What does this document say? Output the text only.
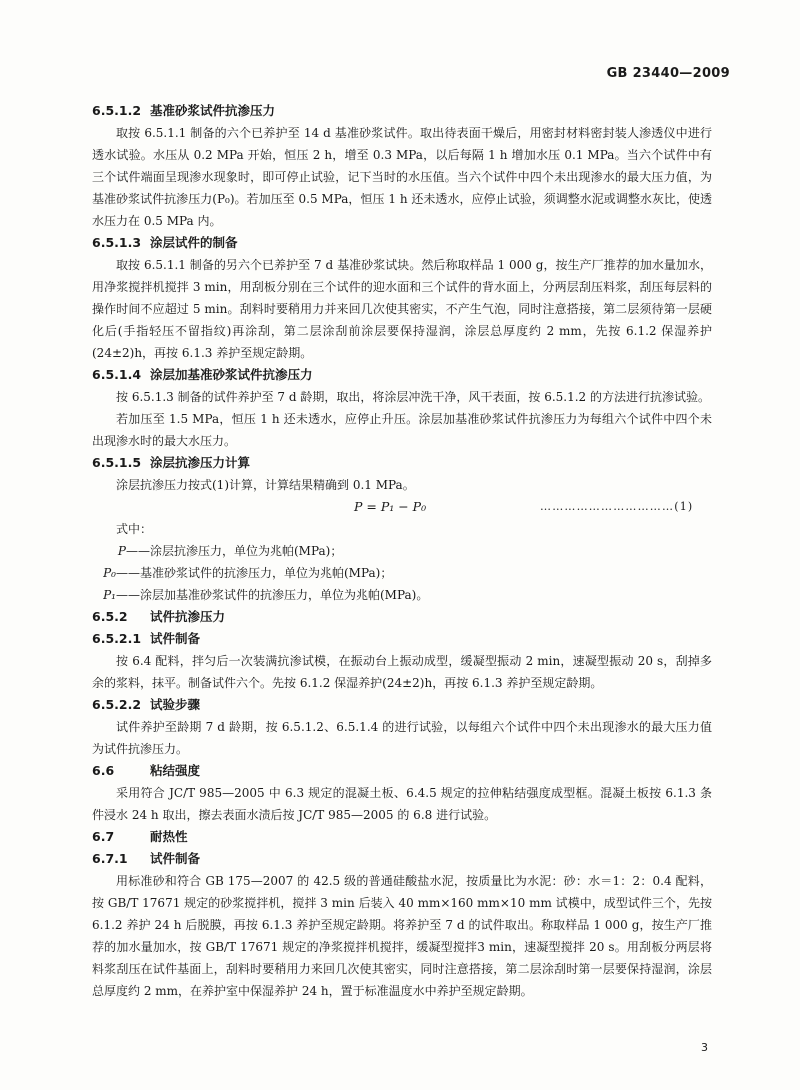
GB 23440—2009

6.5.1.2 基准砂浆试件抗渗压力

取按 6.5.1.1 制备的六个已养护至 14 d 基准砂浆试件。取出待表面干燥后，用密封材料密封装人渗透仪中进行透水试验。水压从 0.2 MPa 开始，恒压 2 h，增至 0.3 MPa，以后每隔 1 h 增加水压 0.1 MPa。当六个试件中有三个试件端面呈现渗水现象时，即可停止试验，记下当时的水压值。当六个试件中四个未出现渗水的最大压力值，为基准砂浆试件抗渗压力(P₀)。若加压至 0.5 MPa，恒压 1 h 还未透水，应停止试验，须调整水泥或调整水灰比，使透水压力在 0.5 MPa 内。

6.5.1.3 涂层试件的制备

取按 6.5.1.1 制备的另六个已养护至 7 d 基准砂浆试块。然后称取样品 1 000 g，按生产厂推荐的加水量加水，用净浆搅拌机搅拌 3 min，用刮板分别在三个试件的迎水面和三个试件的背水面上，分两层刮压料浆，刮压每层料的操作时间不应超过 5 min。刮料时要稍用力并来回几次使其密实，不产生气泡，同时注意搭接，第二层须待第一层硬化后(手指轻压不留指纹)再涂刮，第二层涂刮前涂层要保持湿润，涂层总厚度约 2 mm，先按 6.1.2 保湿养护(24±2)h，再按 6.1.3 养护至规定龄期。

6.5.1.4 涂层加基准砂浆试件抗渗压力

按 6.5.1.3 制备的试件养护至 7 d 龄期，取出，将涂层冲洗干净，风干表面，按 6.5.1.2 的方法进行抗渗试验。

若加压至 1.5 MPa，恒压 1 h 还未透水，应停止升压。涂层加基准砂浆试件抗渗压力为每组六个试件中四个未出现渗水时的最大水压力。

6.5.1.5 涂层抗渗压力计算

涂层抗渗压力按式(1)计算，计算结果精确到 0.1 MPa。

P = P₁ − P₀	……………………………(1)

式中：

P——涂层抗渗压力，单位为兆帕(MPa)；

P₀——基准砂浆试件的抗渗压力，单位为兆帕(MPa)；

P₁——涂层加基准砂浆试件的抗渗压力，单位为兆帕(MPa)。

6.5.2 试件抗渗压力

6.5.2.1 试件制备

按 6.4 配料，拌匀后一次装满抗渗试模，在振动台上振动成型，缓凝型振动 2 min，速凝型振动 20 s，刮掉多余的浆料，抹平。制备试件六个。先按 6.1.2 保湿养护(24±2)h，再按 6.1.3 养护至规定龄期。

6.5.2.2 试验步骤

试件养护至龄期 7 d 龄期，按 6.5.1.2、6.5.1.4 的进行试验，以每组六个试件中四个未出现渗水的最大压力值为试件抗渗压力。

6.6	粘结强度

采用符合 JC/T 985—2005 中 6.3 规定的混凝土板、6.4.5 规定的拉伸粘结强度成型框。混凝土板按 6.1.3 条件浸水 24 h 取出，擦去表面水渍后按 JC/T 985—2005 的 6.8 进行试验。

6.7	耐热性

6.7.1 试件制备

用标准砂和符合 GB 175—2007 的 42.5 级的普通硅酸盐水泥，按质量比为水泥：砂：水＝1：2：0.4 配料，按 GB/T 17671 规定的砂浆搅拌机，搅拌 3 min 后装入 40 mm×160 mm×10 mm 试模中，成型试件三个，先按 6.1.2 养护 24 h 后脱膜，再按 6.1.3 养护至规定龄期。将养护至 7 d 的试件取出。称取样品 1 000 g，按生产厂推荐的加水量加水，按 GB/T 17671 规定的净浆搅拌机搅拌，缓凝型搅拌3 min，速凝型搅拌 20 s。用刮板分两层将料浆刮压在试件基面上，刮料时要稍用力来回几次使其密实，同时注意搭接，第二层涂刮时第一层要保持湿润，涂层总厚度约 2 mm，在养护室中保湿养护 24 h，置于标准温度水中养护至规定龄期。

3
